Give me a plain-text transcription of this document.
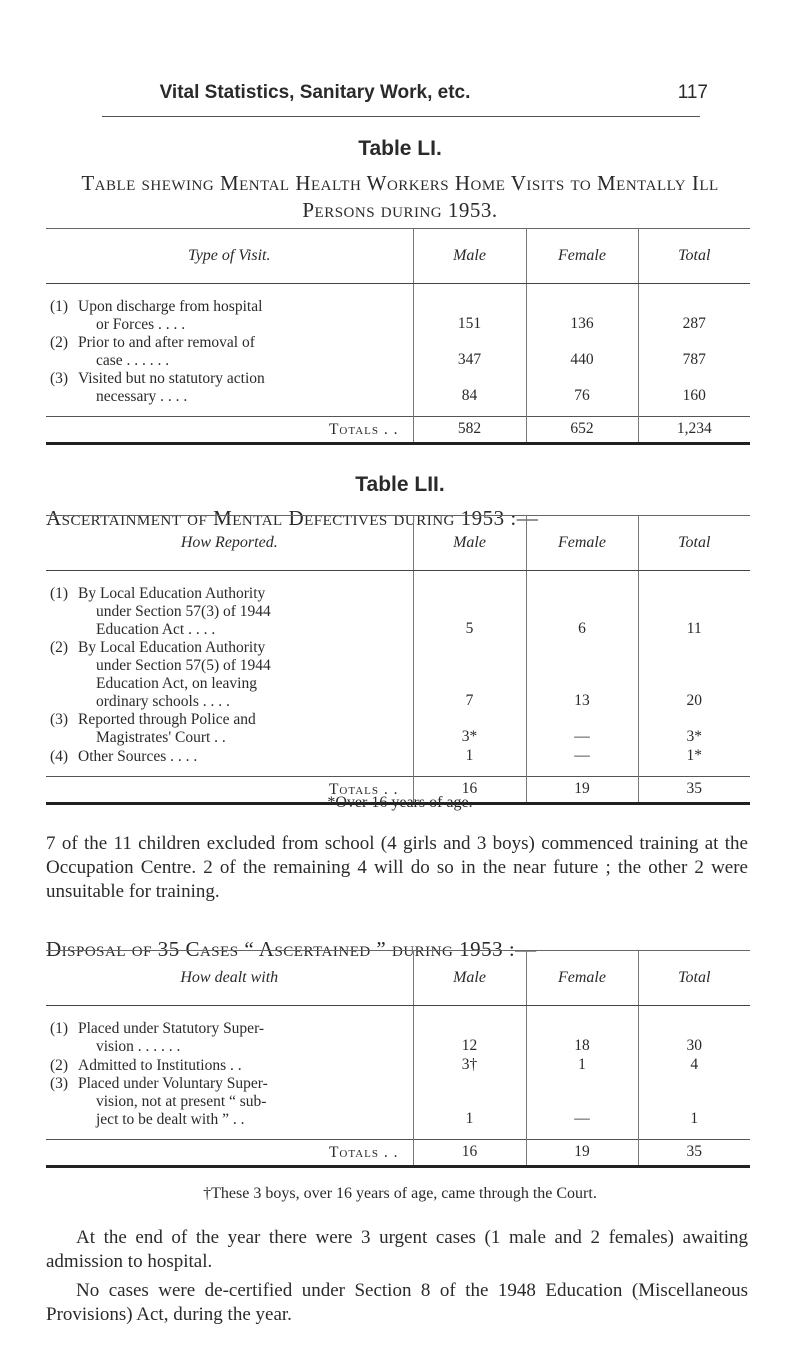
Vital Statistics, Sanitary Work, etc.	117
Table LI.
Table shewing Mental Health Workers Home Visits to Mentally Ill Persons during 1953.
Type of Visit.	Male	Female	Total

(1) Upon discharge from hospital
or Forces . . . .	151	136	287

(2) Prior to and after removal of
case . . . . . .	347	440	787

(3) Visited but no statutory action
necessary . . . .	84	76	160

Totals . .	582	652	1,234
Table LII.
Ascertainment of Mental Defectives during 1953 :—
How Reported.	Male	Female	Total

(1) By Local Education Authority
under Section 57(3) of 1944
Education Act . . . .	5	6	11

(2) By Local Education Authority
under Section 57(5) of 1944
Education Act, on leaving
ordinary schools . . . .	7	13	20

(3) Reported through Police and
Magistrates' Court . .	3*	—	3*

(4) Other Sources . . . .	1	—	1*

Totals . .	16	19	35
*Over 16 years of age.
7 of the 11 children excluded from school (4 girls and 3 boys) commenced training at the Occupation Centre. 2 of the remaining 4 will do so in the near future ; the other 2 were unsuitable for training.
Disposal of 35 Cases “ Ascertained ” during 1953 :—
How dealt with	Male	Female	Total

(1) Placed under Statutory Super-
vision . . . . . .	12	18	30

(2) Admitted to Institutions . .	3†	1	4

(3) Placed under Voluntary Super-
vision, not at present “ sub-
ject to be dealt with ” . .	1	—	1

Totals . .	16	19	35
†These 3 boys, over 16 years of age, came through the Court.
At the end of the year there were 3 urgent cases (1 male and 2 females) awaiting admission to hospital.
No cases were de-certified under Section 8 of the 1948 Education (Miscellaneous Provisions) Act, during the year.
